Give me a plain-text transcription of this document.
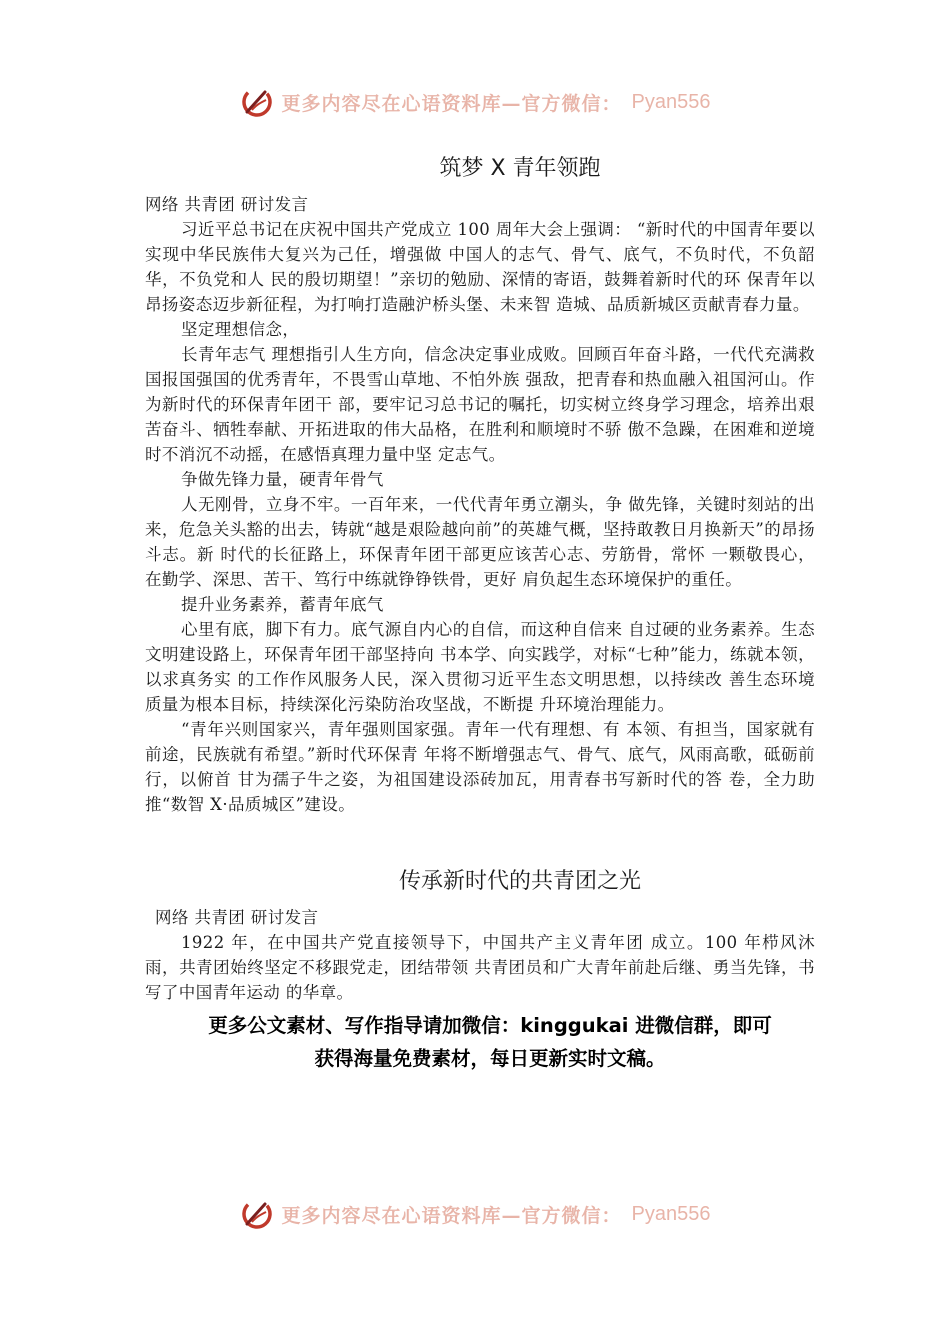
更多内容尽在心语资料库—官方微信： Pyan556
筑梦 X 青年领跑

网络 共青团 研讨发言

习近平总书记在庆祝中国共产党成立 100 周年大会上强调： “新时代的中国青年要以实现中华民族伟大复兴为己任，增强做 中国人的志气、骨气、底气，不负时代，不负韶华，不负党和人 民的殷切期望！”亲切的勉励、深情的寄语，鼓舞着新时代的环 保青年以昂扬姿态迈步新征程，为打响打造融沪桥头堡、未来智 造城、品质新城区贡献青春力量。

坚定理想信念，

长青年志气 理想指引人生方向，信念决定事业成败。回顾百年奋斗路，一代代充满救国报国强国的优秀青年，不畏雪山草地、不怕外族 强敌，把青春和热血融入祖国河山。作为新时代的环保青年团干 部，要牢记习总书记的嘱托，切实树立终身学习理念，培养出艰 苦奋斗、牺牲奉献、开拓进取的伟大品格，在胜利和顺境时不骄 傲不急躁，在困难和逆境时不消沉不动摇，在感悟真理力量中坚 定志气。

争做先锋力量，硬青年骨气

人无刚骨，立身不牢。一百年来，一代代青年勇立潮头，争 做先锋，关键时刻站的出来，危急关头豁的出去，铸就“越是艰险越向前”的英雄气概，坚持敢教日月换新天”的昂扬斗志。新 时代的长征路上，环保青年团干部更应该苦心志、劳筋骨，常怀 一颗敬畏心，在勤学、深思、苦干、笃行中练就铮铮铁骨，更好 肩负起生态环境保护的重任。

提升业务素养，蓄青年底气

心里有底，脚下有力。底气源自内心的自信，而这种自信来 自过硬的业务素养。生态文明建设路上，环保青年团干部坚持向 书本学、向实践学，对标“七种”能力，练就本领，以求真务实 的工作作风服务人民，深入贯彻习近平生态文明思想，以持续改 善生态环境质量为根本目标，持续深化污染防治攻坚战，不断提 升环境治理能力。

“青年兴则国家兴，青年强则国家强。青年一代有理想、有 本领、有担当，国家就有前途，民族就有希望。”新时代环保青 年将不断增强志气、骨气、底气，风雨高歌，砥砺前行，以俯首 甘为孺子牛之姿，为祖国建设添砖加瓦，用青春书写新时代的答 卷，全力助推“数智 X·品质城区”建设。

传承新时代的共青团之光

网络 共青团 研讨发言

1922 年，在中国共产党直接领导下，中国共产主义青年团 成立。100 年栉风沐雨，共青团始终坚定不移跟党走，团结带领 共青团员和广大青年前赴后继、勇当先锋，书写了中国青年运动 的华章。

更多公文素材、写作指导请加微信：kinggukai 进微信群，即可
获得海量免费素材，每日更新实时文稿。
更多内容尽在心语资料库—官方微信： Pyan556
